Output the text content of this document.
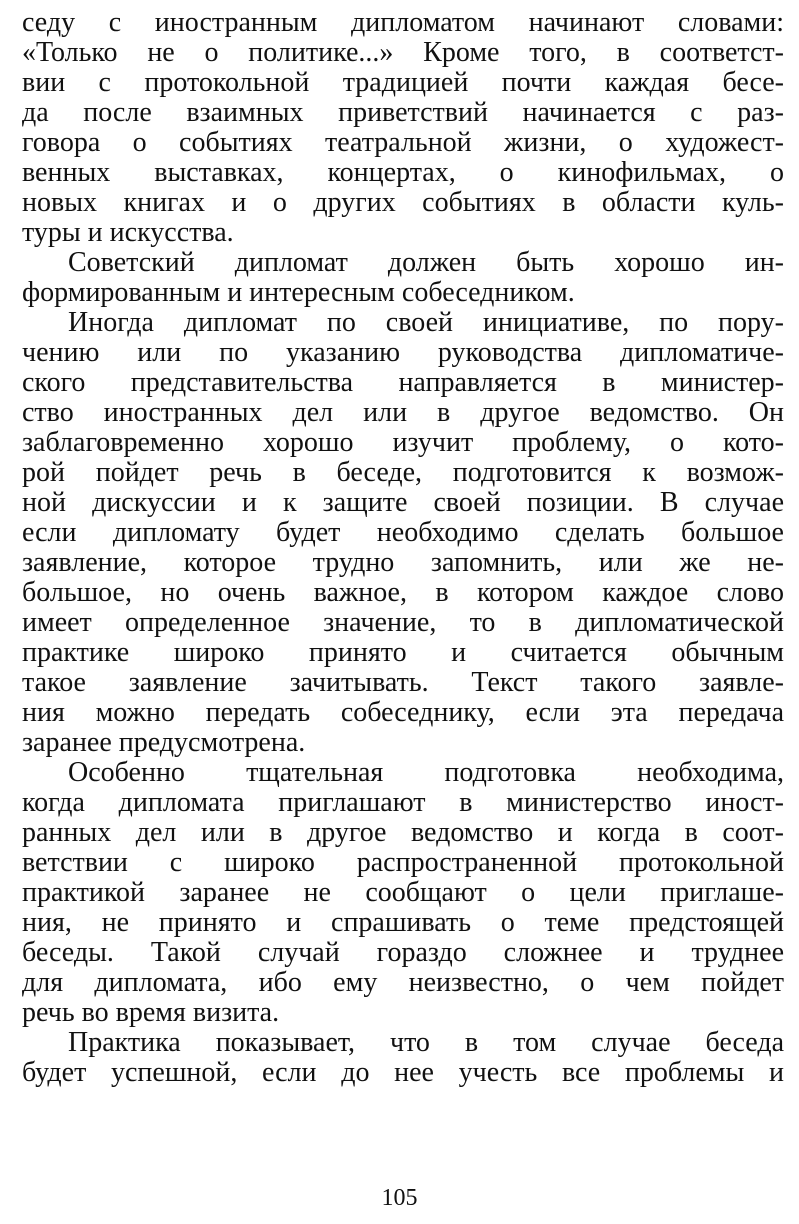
седу с иностранным дипломатом начинают словами:
«Только не о политике...» Кроме того, в соответст-
вии с протокольной традицией почти каждая бесе-
да после взаимных приветствий начинается с раз-
говора о событиях театральной жизни, о художест-
венных выставках, концертах, о кинофильмах, о
новых книгах и о других событиях в области куль-
туры и искусства.
Советский дипломат должен быть хорошо ин-
формированным и интересным собеседником.
Иногда дипломат по своей инициативе, по пору-
чению или по указанию руководства дипломатиче-
ского представительства направляется в министер-
ство иностранных дел или в другое ведомство. Он
заблаговременно хорошо изучит проблему, о кото-
рой пойдет речь в беседе, подготовится к возмож-
ной дискуссии и к защите своей позиции. В случае
если дипломату будет необходимо сделать большое
заявление, которое трудно запомнить, или же не-
большое, но очень важное, в котором каждое слово
имеет определенное значение, то в дипломатической
практике широко принято и считается обычным
такое заявление зачитывать. Текст такого заявле-
ния можно передать собеседнику, если эта передача
заранее предусмотрена.
Особенно тщательная подготовка необходима,
когда дипломата приглашают в министерство иност-
ранных дел или в другое ведомство и когда в соот-
ветствии с широко распространенной протокольной
практикой заранее не сообщают о цели приглаше-
ния, не принято и спрашивать о теме предстоящей
беседы. Такой случай гораздо сложнее и труднее
для дипломата, ибо ему неизвестно, о чем пойдет
речь во время визита.
Практика показывает, что в том случае беседа
будет успешной, если до нее учесть все проблемы и
105
